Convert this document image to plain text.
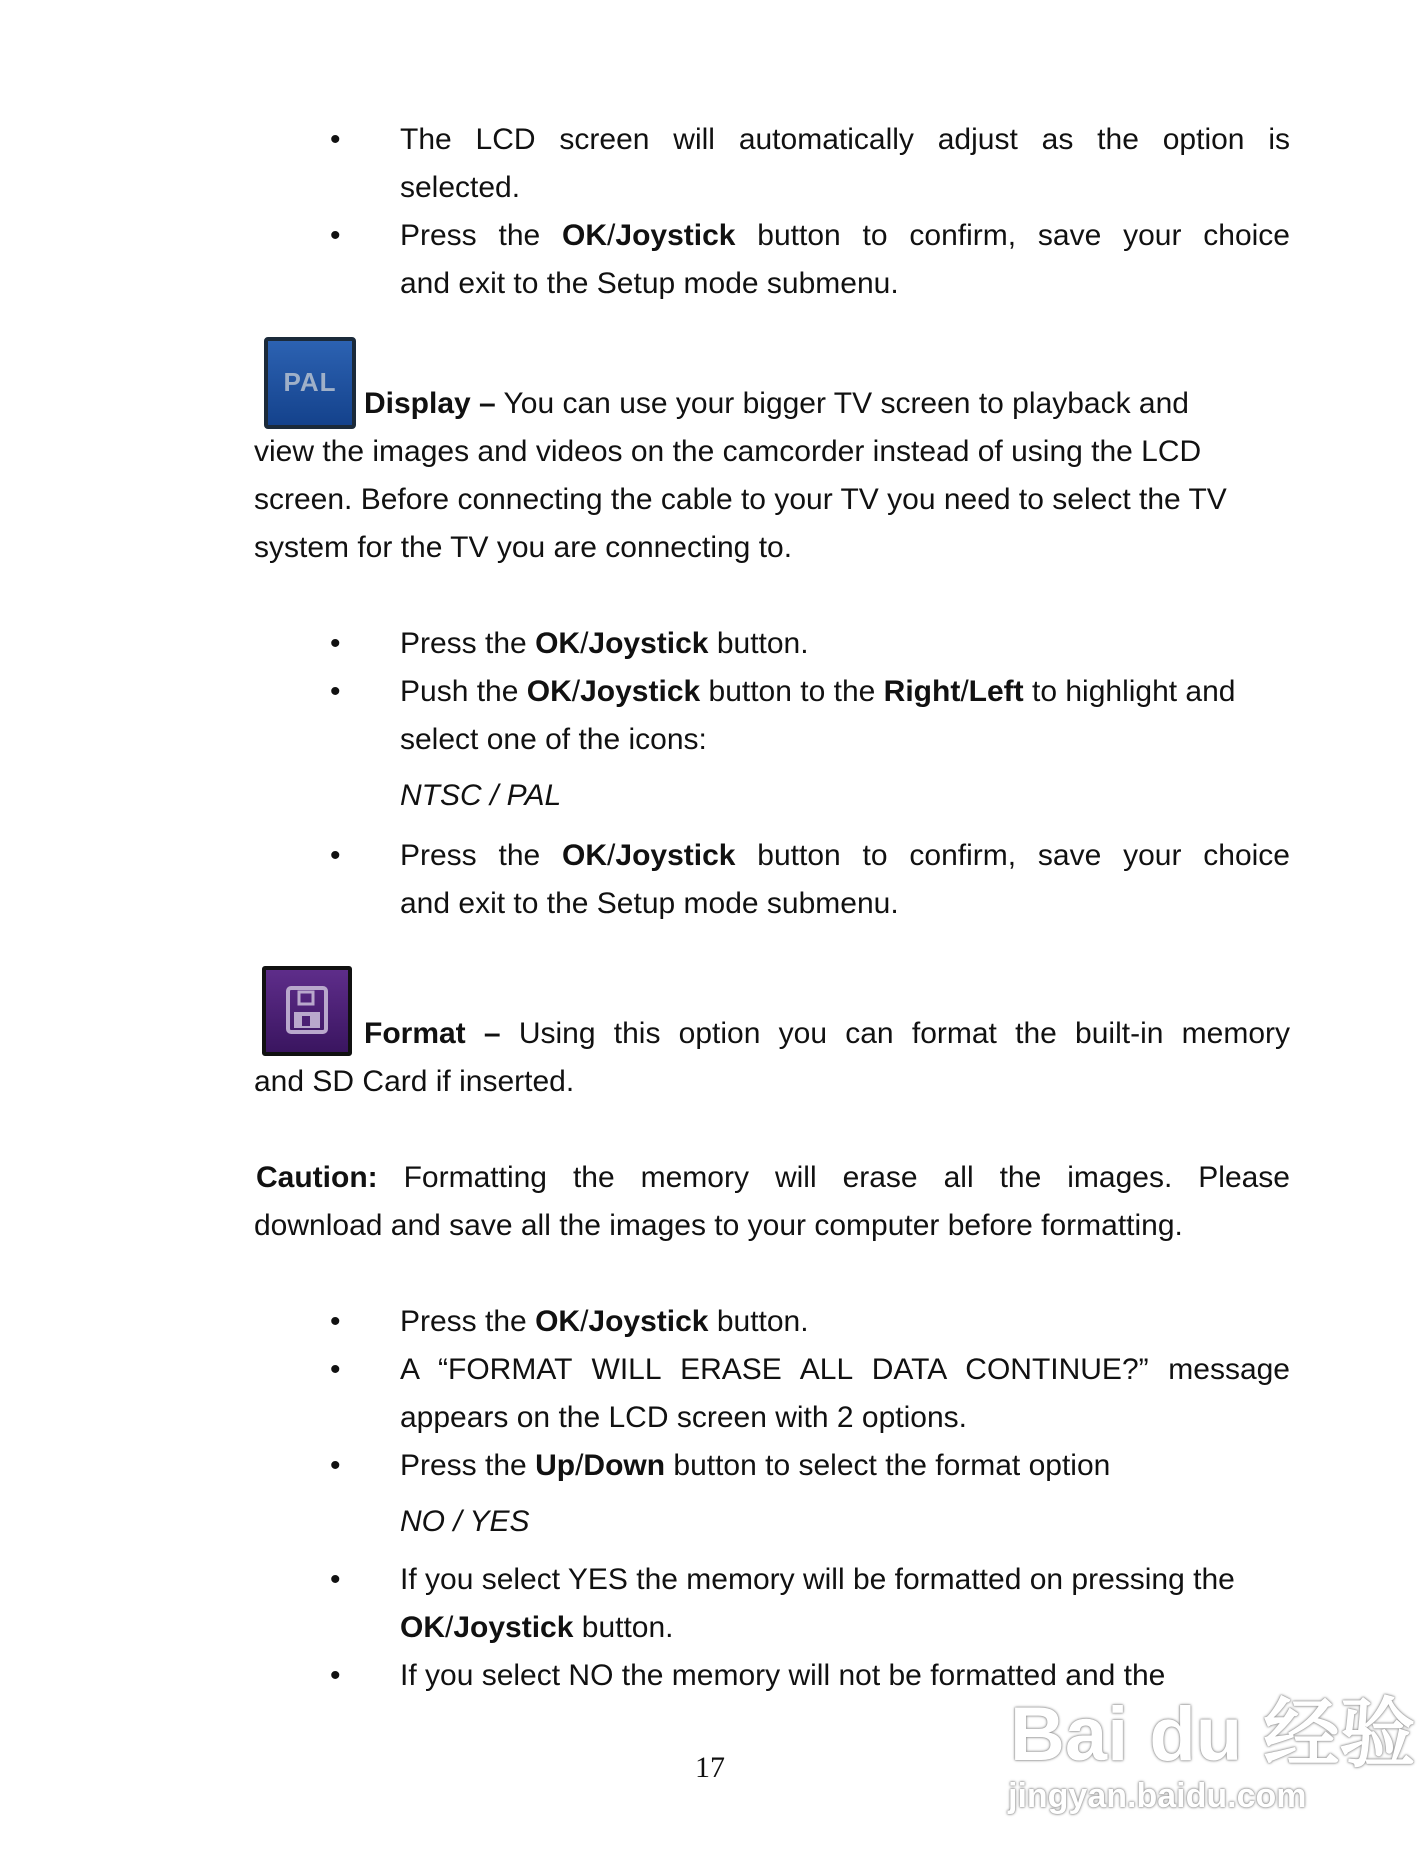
• The LCD screen will automatically adjust as the option is
selected.
• Press the OK/Joystick button to confirm, save your choice
and exit to the Setup mode submenu.
PAL
Display – You can use your bigger TV screen to playback and
view the images and videos on the camcorder instead of using the LCD
screen. Before connecting the cable to your TV you need to select the TV
system for the TV you are connecting to.
• Press the OK/Joystick button.
• Push the OK/Joystick button to the Right/Left to highlight and
select one of the icons:
NTSC / PAL
• Press the OK/Joystick button to confirm, save your choice
and exit to the Setup mode submenu.
Format – Using this option you can format the built-in memory
and SD Card if inserted.
Caution: Formatting the memory will erase all the images. Please
download and save all the images to your computer before formatting.
• Press the OK/Joystick button.
• A “FORMAT WILL ERASE ALL DATA CONTINUE?” message
appears on the LCD screen with 2 options.
• Press the Up/Down button to select the format option
NO / YES
• If you select YES the memory will be formatted on pressing the
OK/Joystick button.
• If you select NO the memory will not be formatted and the
17	Bai du 经验
jingyan.baidu.com
